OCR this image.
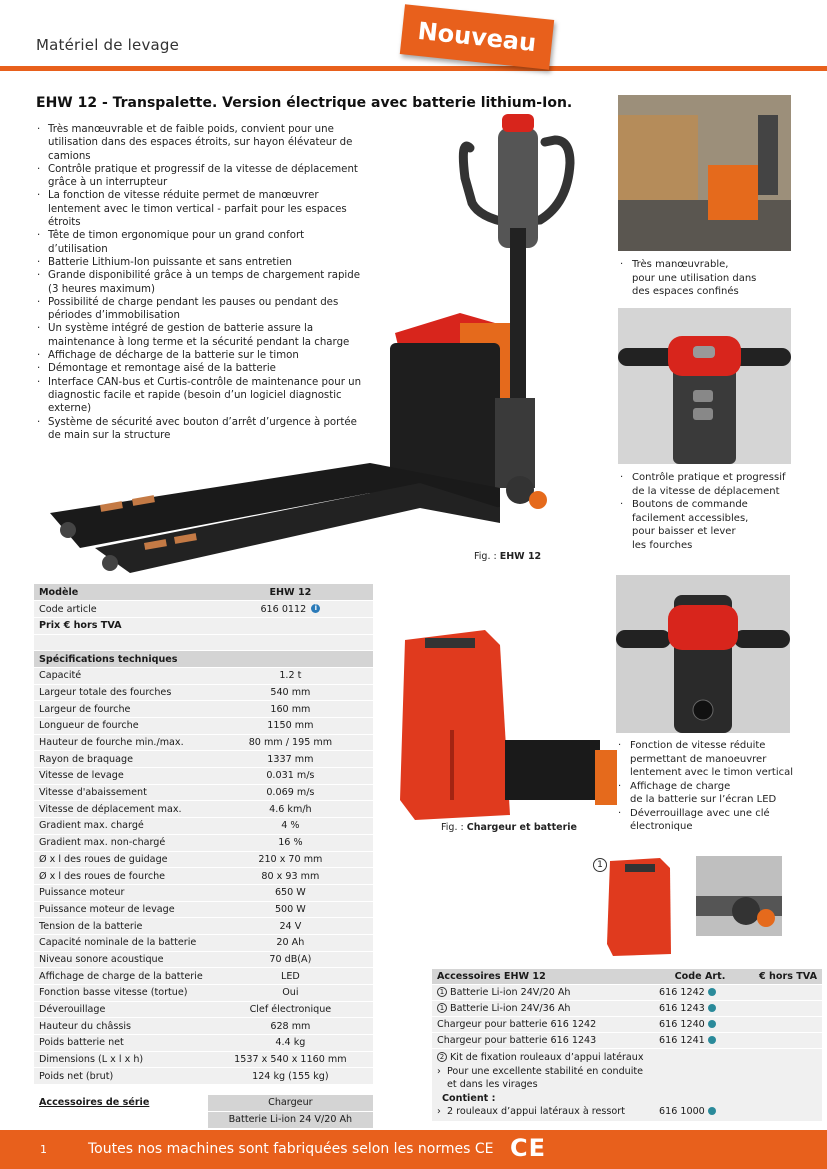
Matériel de levage	Nouveau
EHW 12 - Transpalette. Version électrique avec batterie lithium-Ion.
· Très manœuvrable et de faible poids, convient pour une utilisation dans des espaces étroits, sur hayon élévateur de camions
· Contrôle pratique et progressif de la vitesse de déplacement grâce à un interrupteur
· La fonction de vitesse réduite permet de manœuvrer lentement avec le timon vertical - parfait pour les espaces étroits
· Tête de timon ergonomique pour un grand confort d’utilisation
· Batterie Lithium-Ion puissante et sans entretien
· Grande disponibilité grâce à un temps de chargement rapide (3 heures maximum)
· Possibilité de charge pendant les pauses ou pendant des périodes d’immobilisation
· Un système intégré de gestion de batterie assure la maintenance à long terme et la sécurité pendant la charge
· Affichage de décharge de la batterie sur le timon
· Démontage et remontage aisé de la batterie
· Interface CAN-bus et Curtis-contrôle de maintenance pour un diagnostic facile et rapide (besoin d’un logiciel diagnostic externe)
· Système de sécurité avec bouton d’arrêt d’urgence à portée de main sur la structure
Fig. : EHW 12
· Très manœuvrable,
pour une utilisation dans
des espaces confinés
· Contrôle pratique et progressif
de la vitesse de déplacement
· Boutons de commande
facilement accessibles,
pour baisser et lever
les fourches
· Fonction de vitesse réduite
permettant de manoeuvrer
lentement avec le timon vertical
· Affichage de charge
de la batterie sur l’écran LED
· Déverrouillage avec une clé
électronique
Fig. : Chargeur et batterie
1
Modèle	EHW 12
Code article	616 0112 i
Prix € hors TVA	

Spécifications techniques	
Capacité	1.2 t
Largeur totale des fourches	540 mm
Largeur de fourche	160 mm
Longueur de fourche	1150 mm
Hauteur de fourche min./max.	80 mm / 195 mm
Rayon de braquage	1337 mm
Vitesse de levage	0.031 m/s
Vitesse d'abaissement	0.069 m/s
Vitesse de déplacement max.	4.6 km/h
Gradient max. chargé	4 %
Gradient max. non-chargé	16 %
Ø x l des roues de guidage	210 x 70 mm
Ø x l des roues de fourche	80 x 93 mm
Puissance moteur	650 W
Puissance moteur de levage	500 W
Tension de la batterie	24 V
Capacité nominale de la batterie	20 Ah
Niveau sonore acoustique	70 dB(A)
Affichage de charge de la batterie	LED
Fonction basse vitesse (tortue)	Oui
Déverouillage	Clef électronique
Hauteur du châssis	628 mm
Poids batterie net	4.4 kg
Dimensions (L x l x h)	1537 x 540 x 1160 mm
Poids net (brut)	124 kg (155 kg)

Accessoires de série	Chargeur
	Batterie Li-ion 24 V/20 Ah
Accessoires EHW 12	Code Art.	€ hors TVA
1 Batterie Li-ion 24V/20 Ah	616 1242	
1 Batterie Li-ion 24V/36 Ah	616 1243	
Chargeur pour batterie 616 1242	616 1240	
Chargeur pour batterie 616 1243	616 1241	

2 Kit de fixation rouleaux d’appui latéraux
›  Pour une excellente stabilité en conduite
et dans les virages
Contient :
›  2 rouleaux d’appui latéraux à ressort	616 1000	
1	Toutes nos machines sont fabriquées selon les normes CE CE
